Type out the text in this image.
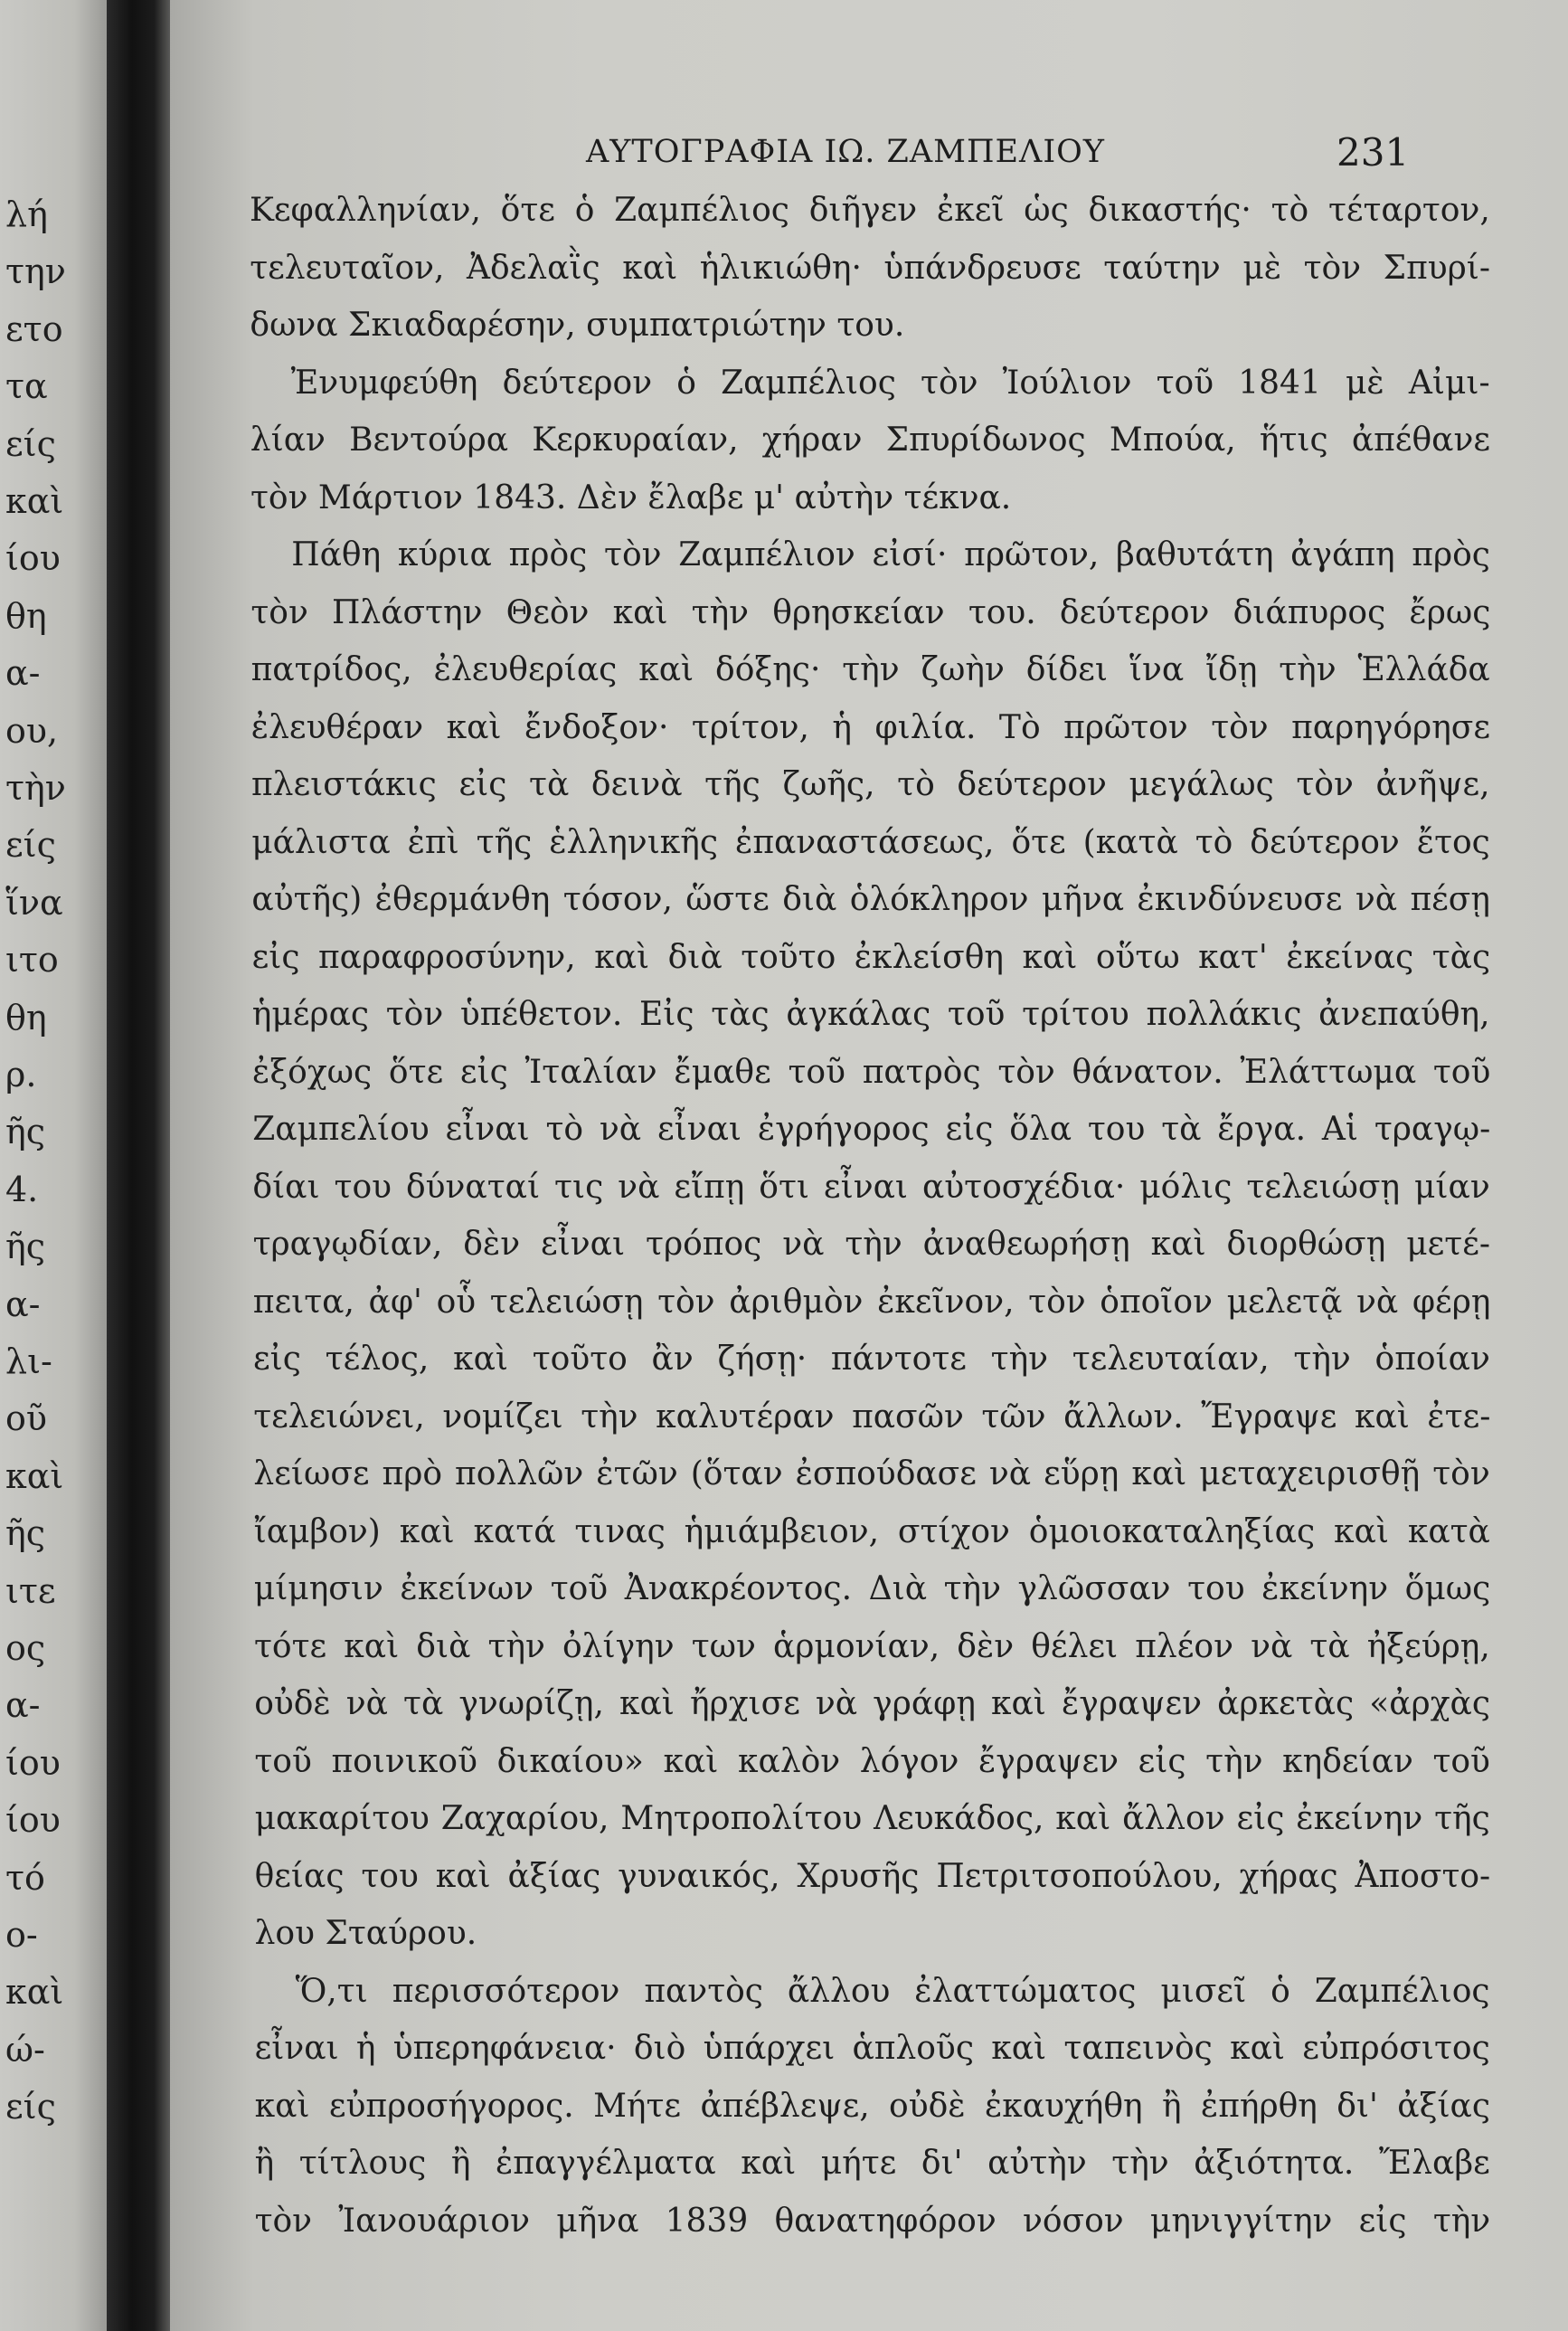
λή
την
ετο
τα
είς
καὶ
ίου
θη
α-
ου,
τὴν
είς
ἵνα
ιτο
θη
ρ.
ῆς
4.
ῆς
α-
λι-
οῦ
καὶ
ῆς
ιτε
ος
α-
ίου
ίου
τό
ο-
καὶ
ώ-
είς
ΑΥΤΟΓΡΑΦΙΑ ΙΩ. ΖΑΜΠΕΛΙΟΥ	231
Κεφαλληνίαν, ὅτε ὁ Ζαμπέλιος διῆγεν ἐκεῖ ὡς δικαστής· τὸ τέταρτον,
τελευταῖον, Ἀδελαῒς καὶ ἡλικιώθη· ὑπάνδρευσε ταύτην μὲ τὸν Σπυρί-
δωνα Σκιαδαρέσην, συμπατριώτην του.
Ἐνυμφεύθη δεύτερον ὁ Ζαμπέλιος τὸν Ἰούλιον τοῦ 1841 μὲ Αἰμι-
λίαν Βεντούρα Κερκυραίαν, χήραν Σπυρίδωνος Μπούα, ἥτις ἀπέθανε
τὸν Μάρτιον 1843. Δὲν ἔλαβε μ' αὐτὴν τέκνα.
Πάθη κύρια πρὸς τὸν Ζαμπέλιον εἰσί· πρῶτον, βαθυτάτη ἀγάπη πρὸς
τὸν Πλάστην Θεὸν καὶ τὴν θρησκείαν του. δεύτερον διάπυρος ἔρως
πατρίδος, ἐλευθερίας καὶ δόξης· τὴν ζωὴν δίδει ἵνα ἴδῃ τὴν Ἑλλάδα
ἐλευθέραν καὶ ἔνδοξον· τρίτον, ἡ φιλία. Τὸ πρῶτον τὸν παρηγόρησε
πλειστάκις εἰς τὰ δεινὰ τῆς ζωῆς, τὸ δεύτερον μεγάλως τὸν ἀνῆψε,
μάλιστα ἐπὶ τῆς ἑλληνικῆς ἐπαναστάσεως, ὅτε (κατὰ τὸ δεύτερον ἔτος
αὐτῆς) ἐθερμάνθη τόσον, ὥστε διὰ ὁλόκληρον μῆνα ἐκινδύνευσε νὰ πέσῃ
εἰς παραφροσύνην, καὶ διὰ τοῦτο ἐκλείσθη καὶ οὕτω κατ' ἐκείνας τὰς
ἡμέρας τὸν ὑπέθετον. Εἰς τὰς ἀγκάλας τοῦ τρίτου πολλάκις ἀνεπαύθη,
ἐξόχως ὅτε εἰς Ἰταλίαν ἔμαθε τοῦ πατρὸς τὸν θάνατον. Ἐλάττωμα τοῦ
Ζαμπελίου εἶναι τὸ νὰ εἶναι ἐγρήγορος εἰς ὅλα του τὰ ἔργα. Αἱ τραγῳ-
δίαι του δύναταί τις νὰ εἴπῃ ὅτι εἶναι αὐτοσχέδια· μόλις τελειώσῃ μίαν
τραγῳδίαν, δὲν εἶναι τρόπος νὰ τὴν ἀναθεωρήσῃ καὶ διορθώσῃ μετέ-
πειτα, ἀφ' οὗ τελειώσῃ τὸν ἀριθμὸν ἐκεῖνον, τὸν ὁποῖον μελετᾷ νὰ φέρῃ
εἰς τέλος, καὶ τοῦτο ἂν ζήσῃ· πάντοτε τὴν τελευταίαν, τὴν ὁποίαν
τελειώνει, νομίζει τὴν καλυτέραν πασῶν τῶν ἄλλων. Ἔγραψε καὶ ἐτε-
λείωσε πρὸ πολλῶν ἐτῶν (ὅταν ἐσπούδασε νὰ εὕρῃ καὶ μεταχειρισθῇ τὸν
ἴαμβον) καὶ κατά τινας ἡμιάμβειον, στίχον ὁμοιοκαταληξίας καὶ κατὰ
μίμησιν ἐκείνων τοῦ Ἀνακρέοντος. Διὰ τὴν γλῶσσαν του ἐκείνην ὅμως
τότε καὶ διὰ τὴν ὀλίγην των ἁρμονίαν, δὲν θέλει πλέον νὰ τὰ ἠξεύρῃ,
οὐδὲ νὰ τὰ γνωρίζῃ, καὶ ἤρχισε νὰ γράφῃ καὶ ἔγραψεν ἀρκετὰς «ἀρχὰς
τοῦ ποινικοῦ δικαίου» καὶ καλὸν λόγον ἔγραψεν εἰς τὴν κηδείαν τοῦ
μακαρίτου Ζαχαρίου, Μητροπολίτου Λευκάδος, καὶ ἄλλον εἰς ἐκείνην τῆς
θείας του καὶ ἀξίας γυναικός, Χρυσῆς Πετριτσοπούλου, χήρας Ἀποστο-
λου Σταύρου.
Ὅ,τι περισσότερον παντὸς ἄλλου ἐλαττώματος μισεῖ ὁ Ζαμπέλιος
εἶναι ἡ ὑπερηφάνεια· διὸ ὑπάρχει ἁπλοῦς καὶ ταπεινὸς καὶ εὐπρόσιτος
καὶ εὐπροσήγορος. Μήτε ἀπέβλεψε, οὐδὲ ἐκαυχήθη ἢ ἐπήρθη δι' ἀξίας
ἢ τίτλους ἢ ἐπαγγέλματα καὶ μήτε δι' αὐτὴν τὴν ἀξιότητα. Ἔλαβε
τὸν Ἰανουάριον μῆνα 1839 θανατηφόρον νόσον μηνιγγίτην εἰς τὴν
